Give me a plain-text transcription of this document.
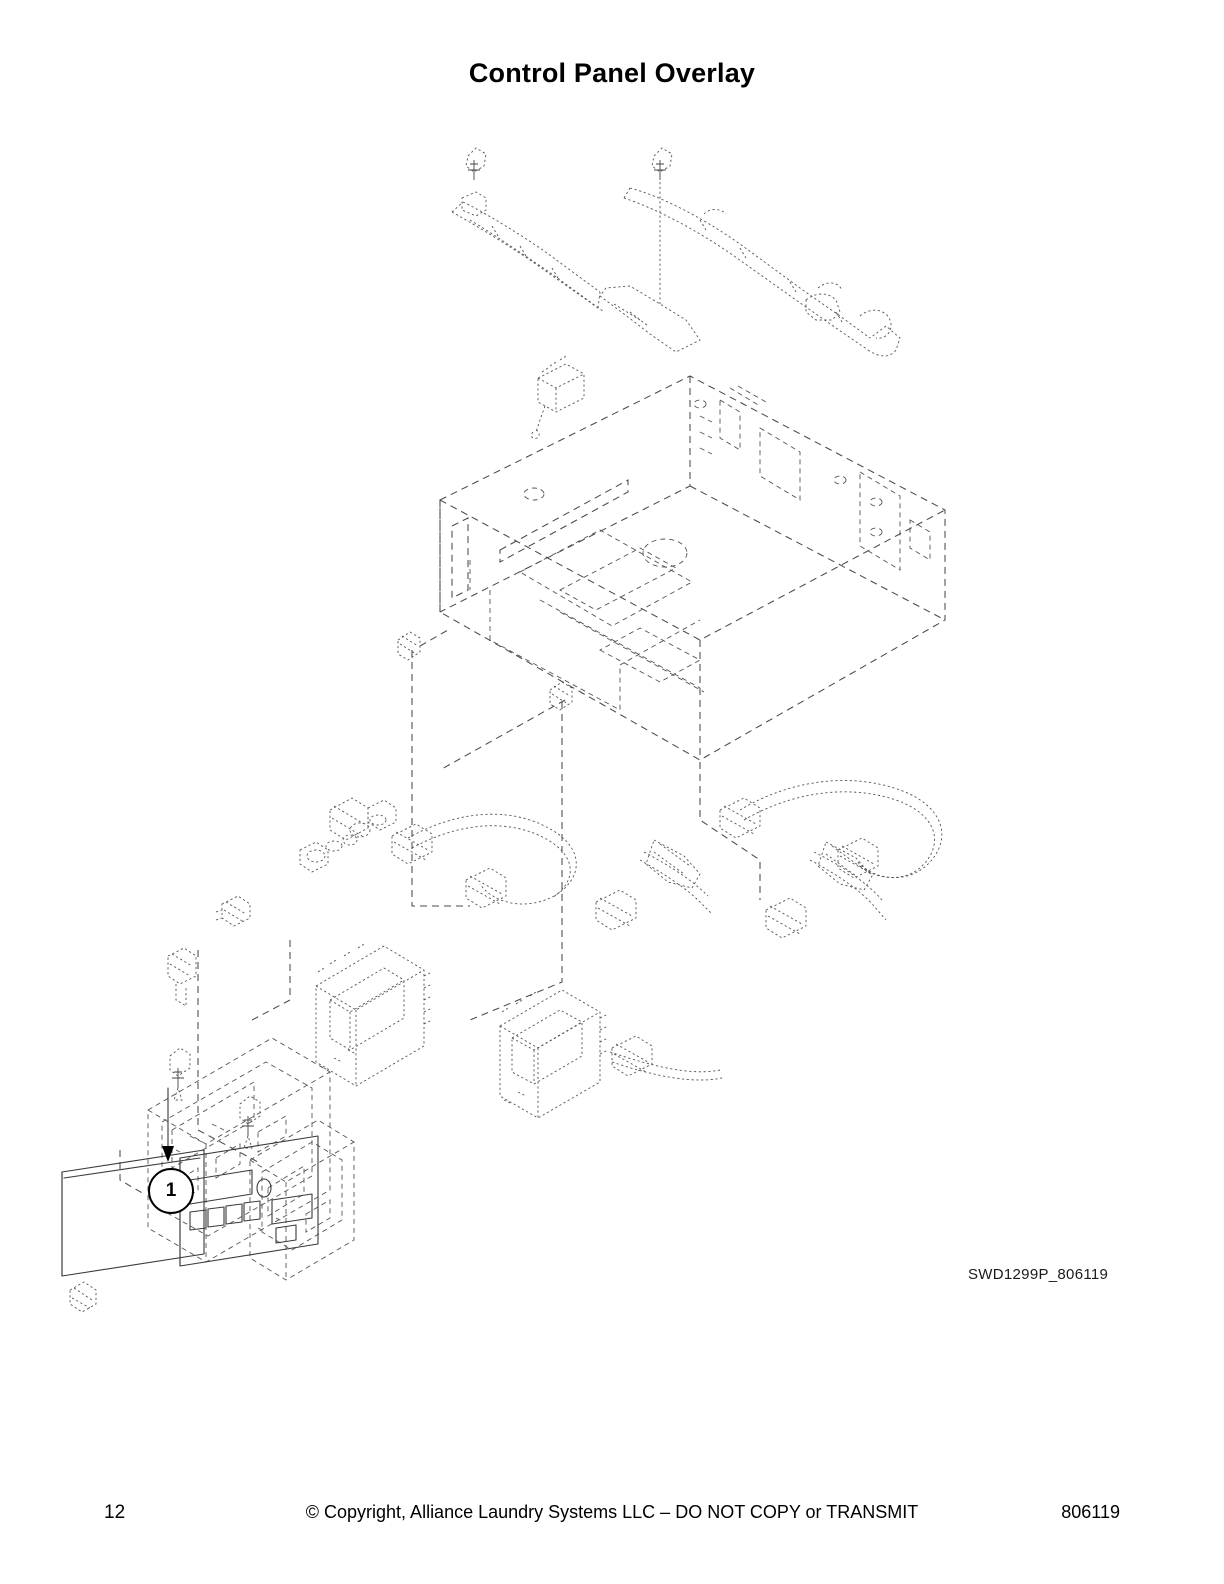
Control Panel Overlay
1
SWD1299P_806119
12	© Copyright, Alliance Laundry Systems LLC – DO NOT COPY or TRANSMIT	806119
